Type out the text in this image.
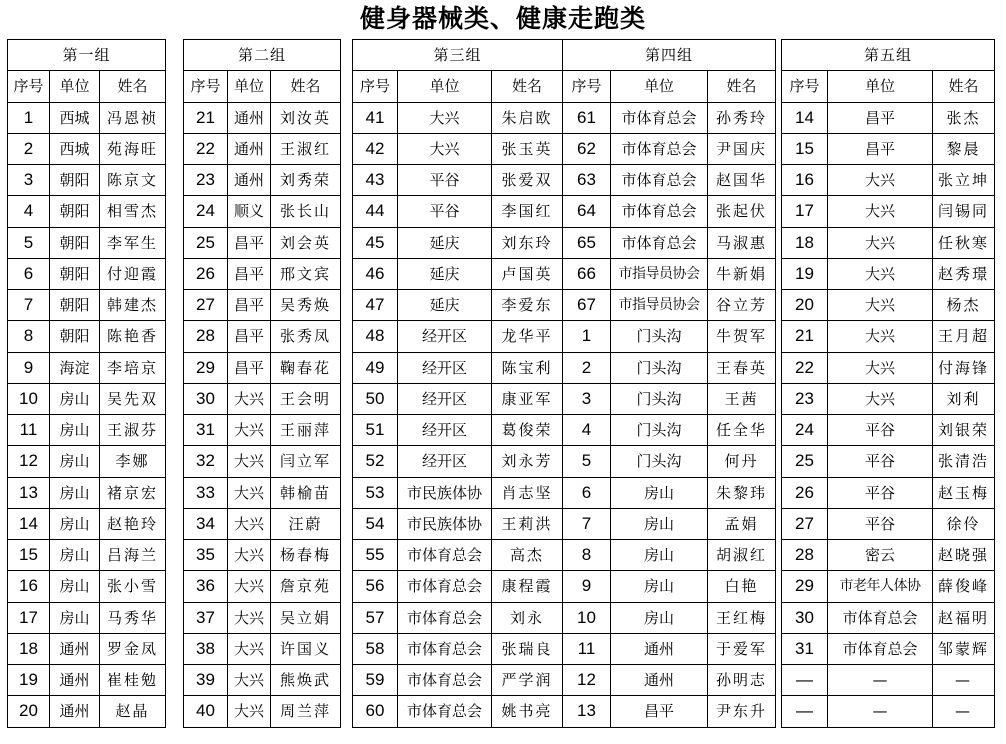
健身器械类、健康走跑类
第一组		
序号	单位	姓名
1	西城	冯恩祯
2	西城	苑海旺
3	朝阳	陈京文
4	朝阳	相雪杰
5	朝阳	李军生
6	朝阳	付迎霞
7	朝阳	韩建杰
8	朝阳	陈艳香
9	海淀	李培京
10	房山	吴先双
11	房山	王淑芬
12	房山	李娜
13	房山	褚京宏
14	房山	赵艳玲
15	房山	吕海兰
16	房山	张小雪
17	房山	马秀华
18	通州	罗金凤
19	通州	崔桂勉
20	通州	赵晶
第二组		
序号	单位	姓名
21	通州	刘汝英
22	通州	王淑红
23	通州	刘秀荣
24	顺义	张长山
25	昌平	刘会英
26	昌平	邢文宾
27	昌平	吴秀焕
28	昌平	张秀凤
29	昌平	鞠春花
30	大兴	王会明
31	大兴	王丽萍
32	大兴	闫立军
33	大兴	韩榆苗
34	大兴	汪蔚
35	大兴	杨春梅
36	大兴	詹京苑
37	大兴	吴立娟
38	大兴	许国义
39	大兴	熊焕武
40	大兴	周兰萍
第三组		
序号	单位	姓名
41	大兴	朱启欧
42	大兴	张玉英
43	平谷	张爱双
44	平谷	李国红
45	延庆	刘东玲
46	延庆	卢国英
47	延庆	李爱东
48	经开区	龙华平
49	经开区	陈宝利
50	经开区	康亚军
51	经开区	葛俊荣
52	经开区	刘永芳
53	市民族体协	肖志坚
54	市民族体协	王莉洪
55	市体育总会	高杰
56	市体育总会	康程霞
57	市体育总会	刘永
58	市体育总会	张瑞良
59	市体育总会	严学润
60	市体育总会	姚书亮
第四组		
序号	单位	姓名
61	市体育总会	孙秀玲
62	市体育总会	尹国庆
63	市体育总会	赵国华
64	市体育总会	张起伏
65	市体育总会	马淑惠
66	市指导员协会	牛新娟
67	市指导员协会	谷立芳
1	门头沟	牛贺军
2	门头沟	王春英
3	门头沟	王茜
4	门头沟	任全华
5	门头沟	何丹
6	房山	朱黎玮
7	房山	孟娟
8	房山	胡淑红
9	房山	白艳
10	房山	王红梅
11	通州	于爱军
12	通州	孙明志
13	昌平	尹东升
第五组		
序号	单位	姓名
14	昌平	张杰
15	昌平	黎晨
16	大兴	张立坤
17	大兴	闫锡同
18	大兴	任秋寒
19	大兴	赵秀璟
20	大兴	杨杰
21	大兴	王月超
22	大兴	付海锋
23	大兴	刘利
24	平谷	刘银荣
25	平谷	张清浩
26	平谷	赵玉梅
27	平谷	徐伶
28	密云	赵晓强
29	市老年人体协	薛俊峰
30	市体育总会	赵福明
31	市体育总会	邹蒙辉
—	—	—
—	—	—
